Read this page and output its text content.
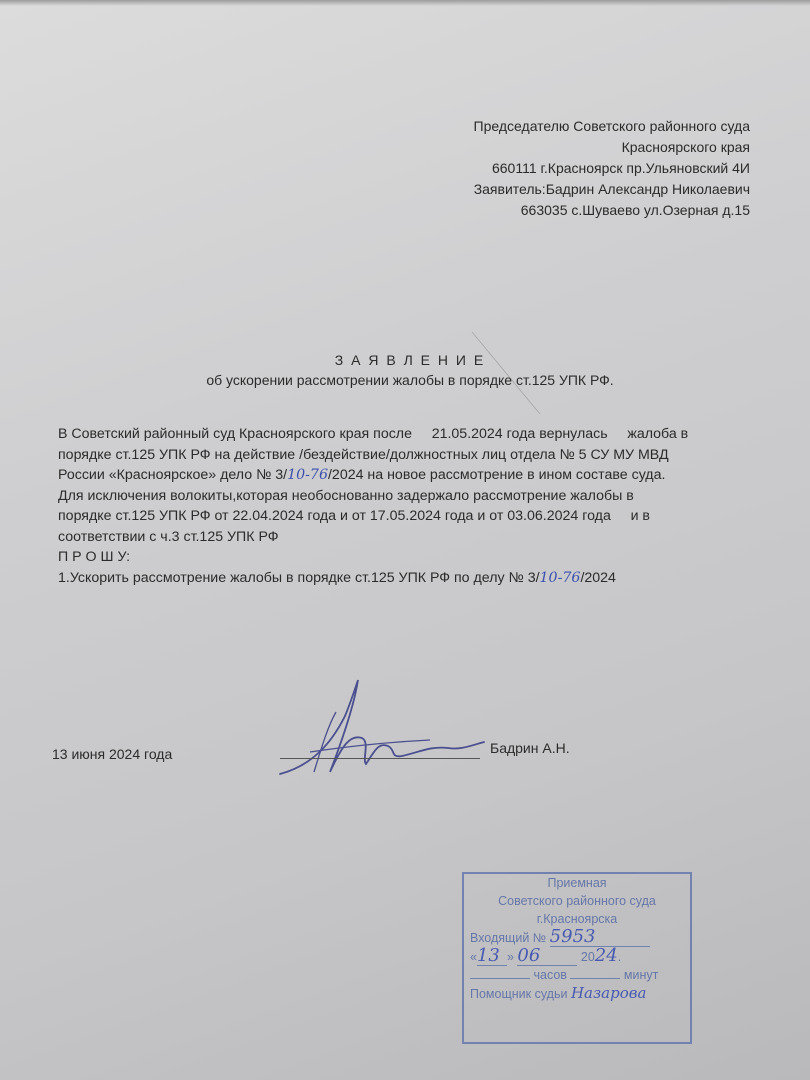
Председателю Советского районного суда
Красноярского края
660111 г.Красноярск пр.Ульяновский 4И
Заявитель:Бадрин Александр Николаевич
663035 с.Шуваево ул.Озерная д.15
З А Я В Л Е Н И Е
об ускорении рассмотрении жалобы в порядке ст.125 УПК РФ.

В Советский районный суд Красноярского края после 21.05.2024 года вернулась жалоба в

порядке ст.125 УПК РФ на действие /бездействие/должностных лиц отдела № 5 СУ МУ МВД

России «Красноярское» дело № 3/10-76/2024 на новое рассмотрение в ином составе суда.

Для исключения волокиты,которая необоснованно задержало рассмотрение жалобы в

порядке ст.125 УПК РФ от 22.04.2024 года и от 17.05.2024 года и от 03.06.2024 года и в

соответствии с ч.3 ст.125 УПК РФ

П Р О Ш У:

1.Ускорить рассмотрение жалобы в порядке ст.125 УПК РФ по делу № 3/10-76/2024

13 июня 2024 года	Бадрин А.Н.
Приемная
Советского районного суда
г.Красноярска
Входящий № 5953
«13 » 06	2024.
часов	минут
Помощник судьи Назарова
